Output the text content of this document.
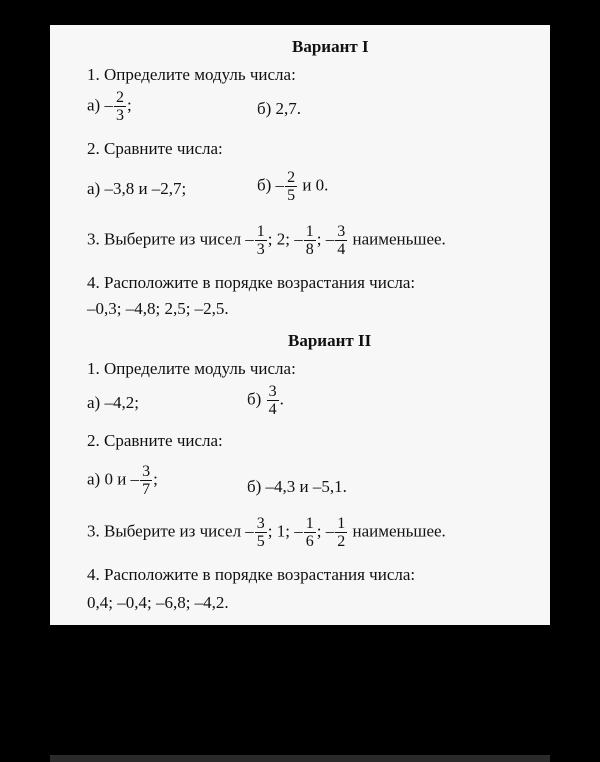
Вариант I
1. Определите модуль числа:
$а) - \frac{2}{3}$ ;	б) 2,7.
2. Сравните числа:
а) –3,8 и –2,7;	$б) - \frac{2}{5}$ и 0.
3. Выберите из чисел – $\frac{1}{3}$ ; 2; – $\frac{1}{8}$ ; – $\frac{3}{4}$ наименьшее.
4. Расположите в порядке возрастания числа:
–0,3; –4,8; 2,5; –2,5.
Вариант II
1. Определите модуль числа:
а) –4,2;	$б) \frac{3}{4}$ .
2. Сравните числа:
а) 0 и – $\frac{3}{7}$ ;	б) –4,3 и –5,1.
3. Выберите из чисел – $\frac{3}{5}$ ; 1; – $\frac{1}{6}$ ; – $\frac{1}{2}$ наименьшее.
4. Расположите в порядке возрастания числа:
0,4; –0,4; –6,8; –4,2.
